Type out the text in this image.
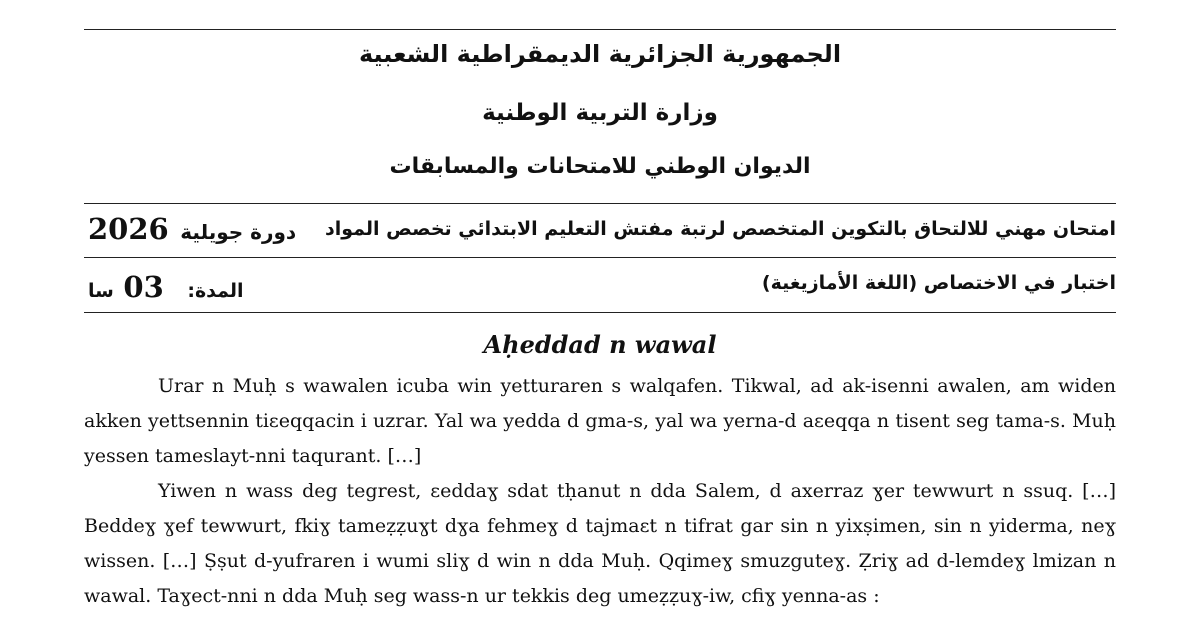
الجمهورية الجزائرية الديمقراطية الشعبية
وزارة التربية الوطنية
الديوان الوطني للامتحانات والمسابقات
امتحان مهني للالتحاق بالتكوين المتخصص لرتبة مفتش التعليم الابتدائي تخصص المواد
2026 دورة جويلية
اختبار في الاختصاص (اللغة الأمازيغية)
سا 03 المدة:
Aḥeddad n wawal

Urar n Muḥ s wawalen icuba win yetturaren s walqafen. Tikwal, ad ak-isenni awalen, am widen akken yettsennin tiɛeqqacin i uzrar. Yal wa yedda d gma-s, yal wa yerna-d aɛeqqa n tisent seg tama-s. Muḥ yessen tameslayt-nni taqurant. […]

Yiwen n wass deg tegrest, ɛeddaɣ sdat tḥanut n dda Salem, d axerraz ɣer tewwurt n ssuq. […] Beddeɣ ɣef tewwurt, fkiɣ tameẓẓuɣt dɣa fehmeɣ d tajmaɛt n tifrat gar sin n yixṣimen, sin n yiderma, neɣ wissen. […] Ṣṣut d-yufraren i wumi sliɣ d win n dda Muḥ. Qqimeɣ smuzguteɣ. Ẓriɣ ad d-lemdeɣ lmizan n wawal. Taɣect-nni n dda Muḥ seg wass-n ur tekkis deg umeẓẓuɣ-iw, cfiɣ yenna-as :
